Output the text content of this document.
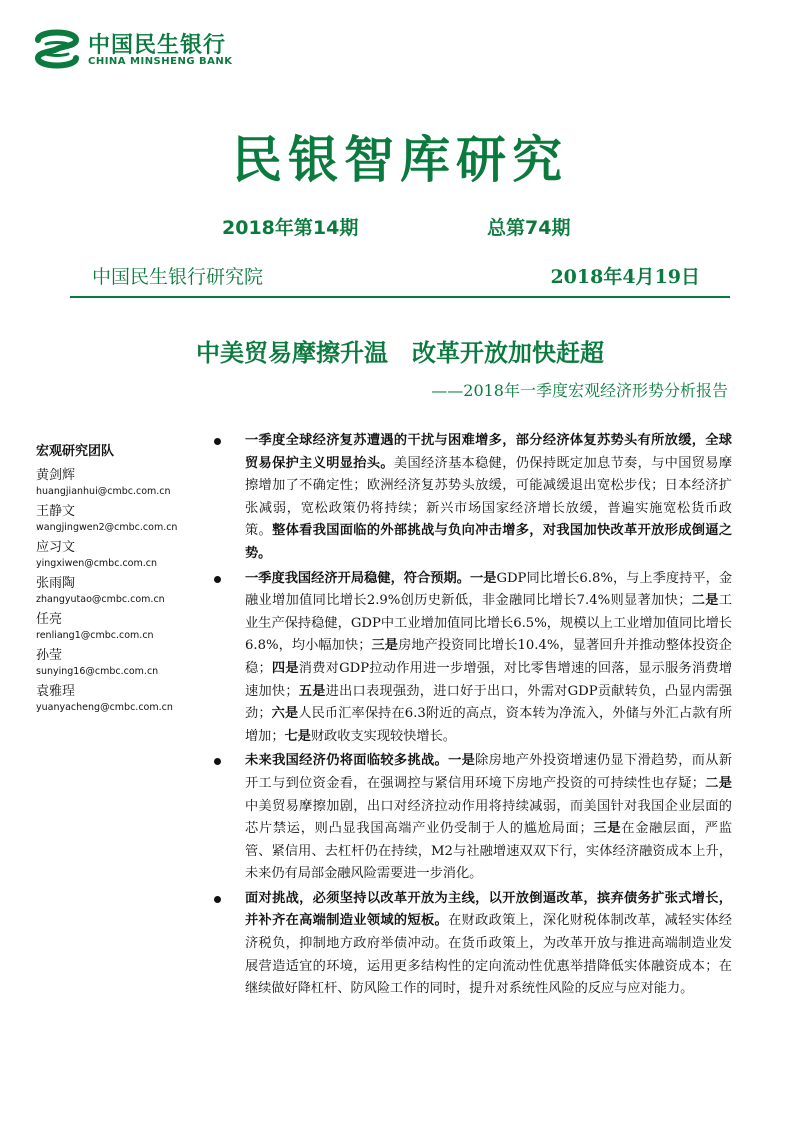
中国民生银行
CHINA MINSHENG BANK
民银智库研究
2018年第14期	总第74期
中国民生银行研究院	2018年4月19日
中美贸易摩擦升温　改革开放加快赶超
——2018年一季度宏观经济形势分析报告
宏观研究团队
黄剑辉
huangjianhui@cmbc.com.cn
王静文
wangjingwen2@cmbc.com.cn
应习文
yingxiwen@cmbc.com.cn
张雨陶
zhangyutao@cmbc.com.cn
任亮
renliang1@cmbc.com.cn
孙莹
sunying16@cmbc.com.cn
袁雅珵
yuanyacheng@cmbc.com.cn
一季度全球经济复苏遭遇的干扰与困难增多，部分经济体复苏势头有所放缓，全球贸易保护主义明显抬头。美国经济基本稳健，仍保持既定加息节奏，与中国贸易摩擦增加了不确定性；欧洲经济复苏势头放缓，可能减缓退出宽松步伐；日本经济扩张减弱，宽松政策仍将持续；新兴市场国家经济增长放缓，普遍实施宽松货币政策。整体看我国面临的外部挑战与负向冲击增多，对我国加快改革开放形成倒逼之势。
一季度我国经济开局稳健，符合预期。一是GDP同比增长6.8%，与上季度持平，金融业增加值同比增长2.9%创历史新低，非金融同比增长7.4%则显著加快；二是工业生产保持稳健，GDP中工业增加值同比增长6.5%，规模以上工业增加值同比增长6.8%，均小幅加快；三是房地产投资同比增长10.4%，显著回升并推动整体投资企稳；四是消费对GDP拉动作用进一步增强，对比零售增速的回落，显示服务消费增速加快；五是进出口表现强劲，进口好于出口，外需对GDP贡献转负，凸显内需强劲；六是人民币汇率保持在6.3附近的高点，资本转为净流入，外储与外汇占款有所增加；七是财政收支实现较快增长。
未来我国经济仍将面临较多挑战。一是除房地产外投资增速仍显下滑趋势，而从新开工与到位资金看，在强调控与紧信用环境下房地产投资的可持续性也存疑；二是中美贸易摩擦加剧，出口对经济拉动作用将持续减弱，而美国针对我国企业层面的芯片禁运，则凸显我国高端产业仍受制于人的尴尬局面；三是在金融层面，严监管、紧信用、去杠杆仍在持续，M2与社融增速双双下行，实体经济融资成本上升，未来仍有局部金融风险需要进一步消化。
面对挑战，必须坚持以改革开放为主线，以开放倒逼改革，摈弃债务扩张式增长，并补齐在高端制造业领域的短板。在财政政策上，深化财税体制改革，减轻实体经济税负，抑制地方政府举债冲动。在货币政策上，为改革开放与推进高端制造业发展营造适宜的环境，运用更多结构性的定向流动性优惠举措降低实体融资成本；在继续做好降杠杆、防风险工作的同时，提升对系统性风险的反应与应对能力。
